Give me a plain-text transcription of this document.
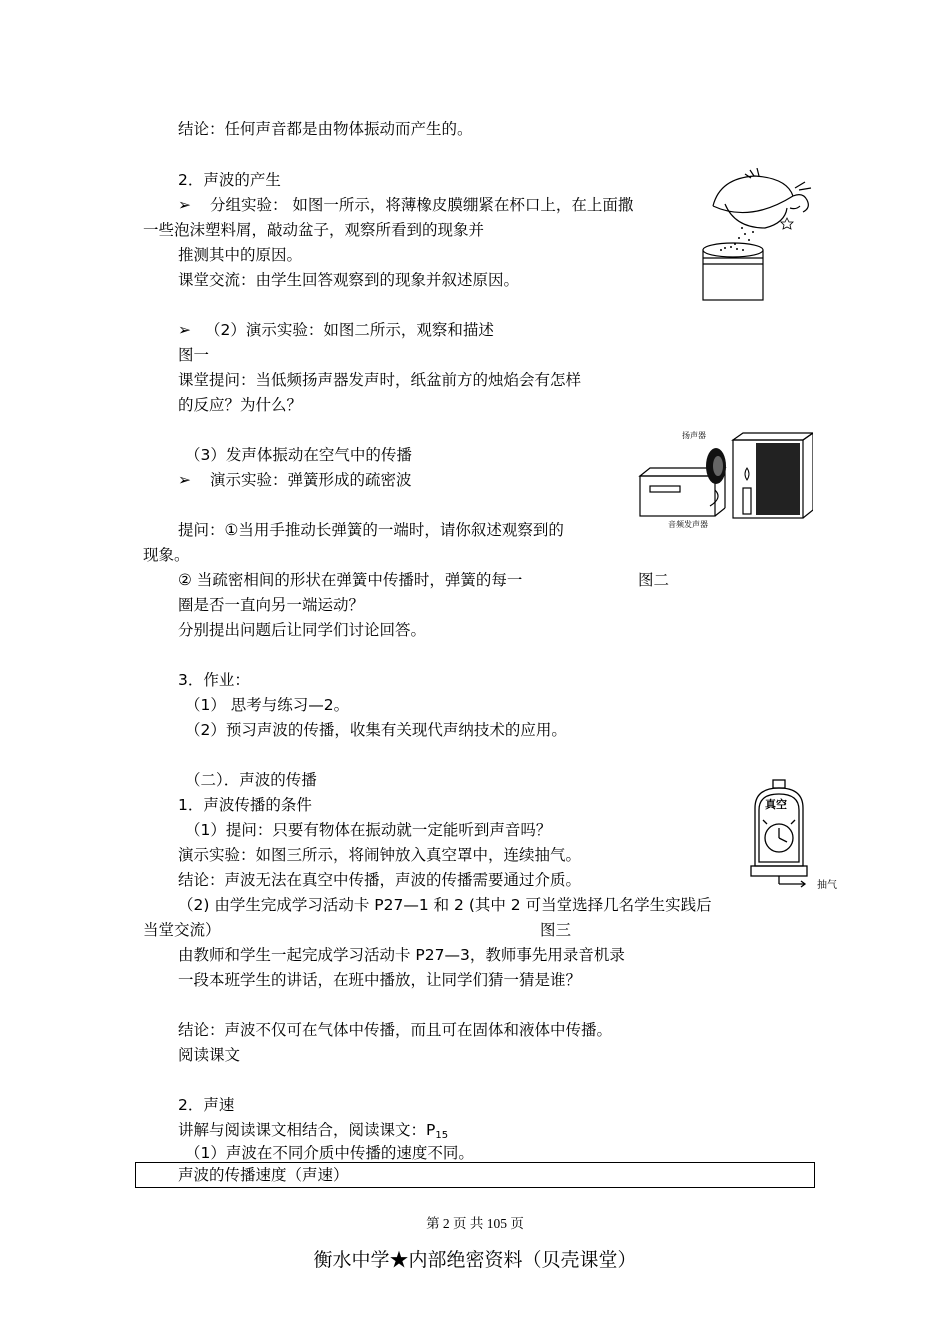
结论：任何声音都是由物体振动而产生的。
2．声波的产生
➢ 分组实验： 如图一所示，将薄橡皮膜绷紧在杯口上，在上面撒
一些泡沫塑料屑，敲动盆子，观察所看到的现象并
推测其中的原因。
课堂交流：由学生回答观察到的现象并叙述原因。
➢ （2）演示实验：如图二所示，观察和描述
图一
课堂提问：当低频扬声器发声时，纸盆前方的烛焰会有怎样
的反应？为什么？
（3）发声体振动在空气中的传播
➢ 演示实验：弹簧形成的疏密波
提问：①当用手推动长弹簧的一端时，请你叙述观察到的
现象。
② 当疏密相间的形状在弹簧中传播时，弹簧的每一	图二
圈是否一直向另一端运动？
分别提出问题后让同学们讨论回答。
3．作业：
（1） 思考与练习—2。
（2）预习声波的传播，收集有关现代声纳技术的应用。
（二）．声波的传播
1．声波传播的条件
（1）提问：只要有物体在振动就一定能听到声音吗？
演示实验：如图三所示，将闹钟放入真空罩中，连续抽气。
结论：声波无法在真空中传播，声波的传播需要通过介质。
（2) 由学生完成学习活动卡 P27—1 和 2 (其中 2 可当堂选择几名学生实践后
当堂交流）	图三
由教师和学生一起完成学习活动卡 P27—3，教师事先用录音机录
一段本班学生的讲话，在班中播放，让同学们猜一猜是谁？
结论：声波不仅可在气体中传播，而且可在固体和液体中传播。
阅读课文
2．声速
讲解与阅读课文相结合，阅读课文：$P_{15}$
（1）声波在不同介质中传播的速度不同。
声波的传播速度（声速）
扬声器
音频发声器
真空
抽气
第 2 页 共 105 页
衡水中学★内部绝密资料（贝壳课堂）
